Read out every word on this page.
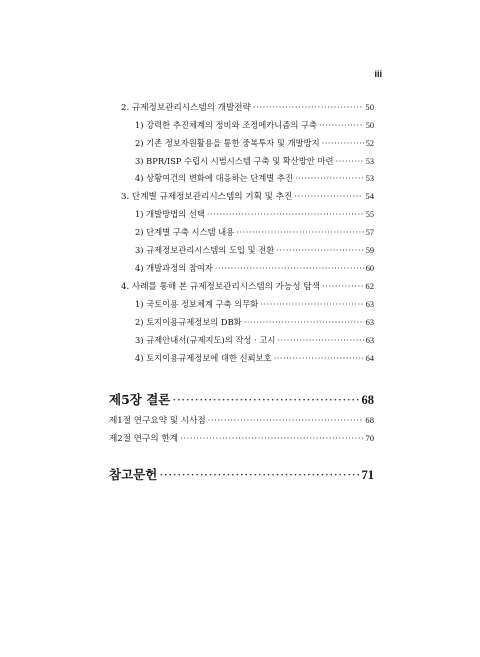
iii
2. 규제정보관리시스템의 개발전략 ·····	50
1) 강력한 추진체계의 정비와 조정메카니즘의 구축 ·····	50
2) 기존 정보자원활용을 통한 중복투자 및 개발방지 ·····	52
3) BPR/ISP 수립시 시범시스템 구축 및 확산방안 마련 ·····	53
4) 상황여건의 변화에 대응하는 단계별 추진 ·····	53
3. 단계별 규제정보관리시스템의 기획 및 추진 ·····	54
1) 개발방법의 선택 ·····	55
2) 단계별 구축 시스템 내용 ·····	57
3) 규제정보관리시스템의 도입 및 전환 ·····	59
4) 개발과정의 참여자 ·····	60
4. 사례를 통해 본 규제정보관리시스템의 가능성 탐색 ·····	62
1) 국토이용 정보체계 구축 의무화 ·····	63
2) 토지이용규제정보의 DB화 ·····	63
3) 규제안내서(규제지도)의 작성 · 고시 ·····	63
4) 토지이용규제정보에 대한 신뢰보호 ·····	64
제5장 결론 ·····	68
제1절 연구요약 및 시사점 ·····	68
제2절 연구의 한계 ·····	70
참고문헌 ·····	71
